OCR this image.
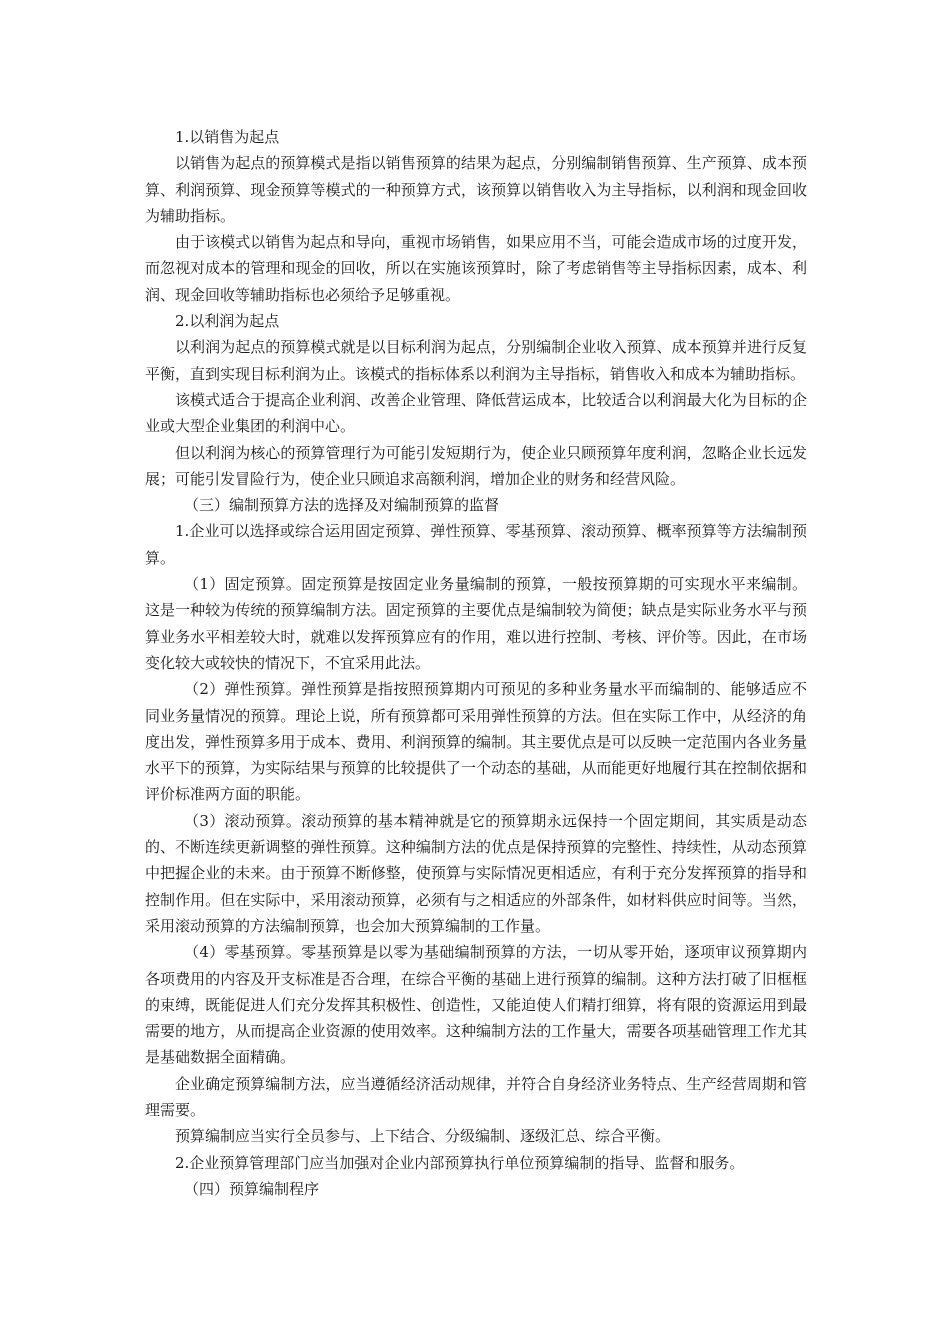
1.以销售为起点

以销售为起点的预算模式是指以销售预算的结果为起点，分别编制销售预算、生产预算、成本预算、利润预算、现金预算等模式的一种预算方式，该预算以销售收入为主导指标，以利润和现金回收为辅助指标。

由于该模式以销售为起点和导向，重视市场销售，如果应用不当，可能会造成市场的过度开发，而忽视对成本的管理和现金的回收，所以在实施该预算时，除了考虑销售等主导指标因素，成本、利润、现金回收等辅助指标也必须给予足够重视。

2.以利润为起点

以利润为起点的预算模式就是以目标利润为起点，分别编制企业收入预算、成本预算并进行反复平衡，直到实现目标利润为止。该模式的指标体系以利润为主导指标，销售收入和成本为辅助指标。

该模式适合于提高企业利润、改善企业管理、降低营运成本，比较适合以利润最大化为目标的企业或大型企业集团的利润中心。

但以利润为核心的预算管理行为可能引发短期行为，使企业只顾预算年度利润，忽略企业长远发展；可能引发冒险行为，使企业只顾追求高额利润，增加企业的财务和经营风险。

（三）编制预算方法的选择及对编制预算的监督

1.企业可以选择或综合运用固定预算、弹性预算、零基预算、滚动预算、概率预算等方法编制预算。

（1）固定预算。固定预算是按固定业务量编制的预算，一般按预算期的可实现水平来编制。这是一种较为传统的预算编制方法。固定预算的主要优点是编制较为简便；缺点是实际业务水平与预算业务水平相差较大时，就难以发挥预算应有的作用，难以进行控制、考核、评价等。因此，在市场变化较大或较快的情况下，不宜采用此法。

（2）弹性预算。弹性预算是指按照预算期内可预见的多种业务量水平而编制的、能够适应不同业务量情况的预算。理论上说，所有预算都可采用弹性预算的方法。但在实际工作中，从经济的角度出发，弹性预算多用于成本、费用、利润预算的编制。其主要优点是可以反映一定范围内各业务量水平下的预算，为实际结果与预算的比较提供了一个动态的基础，从而能更好地履行其在控制依据和评价标准两方面的职能。

（3）滚动预算。滚动预算的基本精神就是它的预算期永远保持一个固定期间，其实质是动态的、不断连续更新调整的弹性预算。这种编制方法的优点是保持预算的完整性、持续性，从动态预算中把握企业的未来。由于预算不断修整，使预算与实际情况更相适应，有利于充分发挥预算的指导和控制作用。但在实际中，采用滚动预算，必须有与之相适应的外部条件，如材料供应时间等。当然，采用滚动预算的方法编制预算，也会加大预算编制的工作量。

（4）零基预算。零基预算是以零为基础编制预算的方法，一切从零开始，逐项审议预算期内各项费用的内容及开支标准是否合理，在综合平衡的基础上进行预算的编制。这种方法打破了旧框框的束缚，既能促进人们充分发挥其积极性、创造性，又能迫使人们精打细算，将有限的资源运用到最需要的地方，从而提高企业资源的使用效率。这种编制方法的工作量大，需要各项基础管理工作尤其是基础数据全面精确。

企业确定预算编制方法，应当遵循经济活动规律，并符合自身经济业务特点、生产经营周期和管理需要。

预算编制应当实行全员参与、上下结合、分级编制、逐级汇总、综合平衡。

2.企业预算管理部门应当加强对企业内部预算执行单位预算编制的指导、监督和服务。

（四）预算编制程序
